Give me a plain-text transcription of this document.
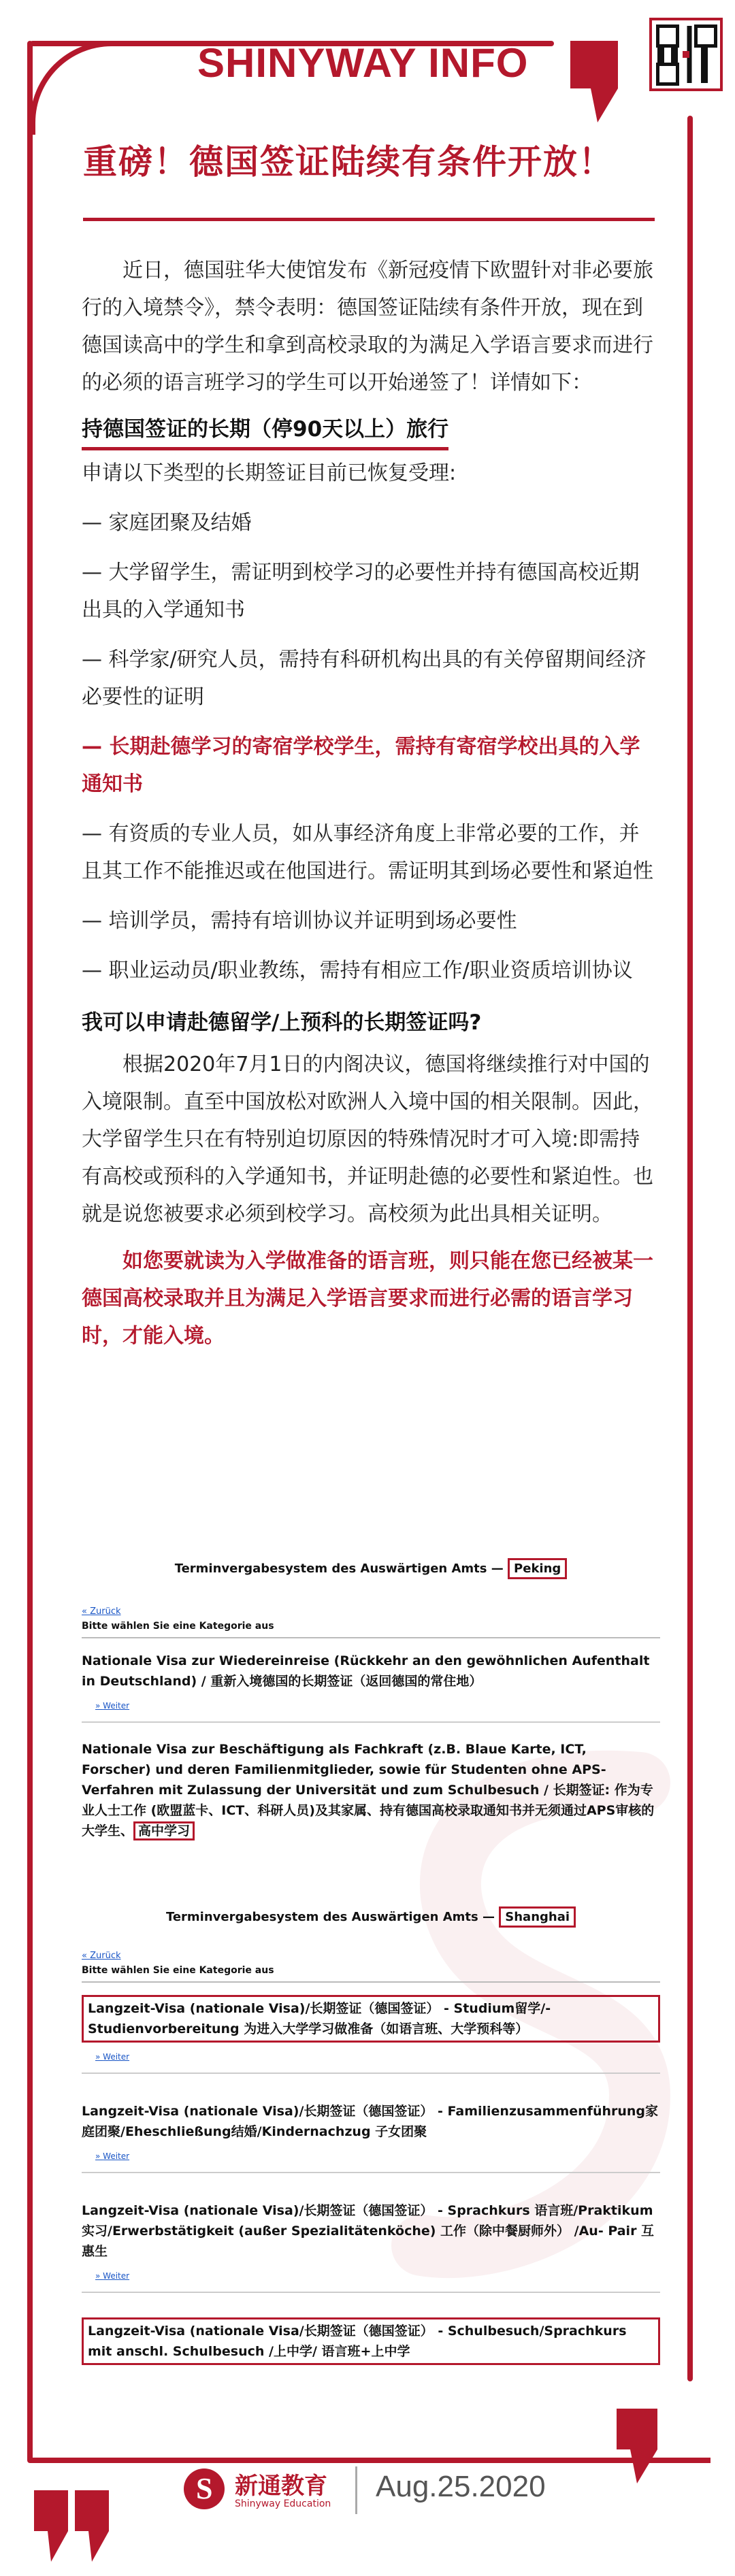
SHINYWAY INFO
重磅！德国签证陆续有条件开放！

近日，德国驻华大使馆发布《新冠疫情下欧盟针对非必要旅行的入境禁令》，禁令表明：德国签证陆续有条件开放，现在到德国读高中的学生和拿到高校录取的为满足入学语言要求而进行的必须的语言班学习的学生可以开始递签了！详情如下：

持德国签证的长期（停90天以上）旅行

申请以下类型的长期签证目前已恢复受理:

— 家庭团聚及结婚

— 大学留学生，需证明到校学习的必要性并持有德国高校近期出具的入学通知书

— 科学家/研究人员，需持有科研机构出具的有关停留期间经济必要性的证明

— 长期赴德学习的寄宿学校学生，需持有寄宿学校出具的入学通知书

— 有资质的专业人员，如从事经济角度上非常必要的工作，并且其工作不能推迟或在他国进行。需证明其到场必要性和紧迫性

— 培训学员，需持有培训协议并证明到场必要性

— 职业运动员/职业教练，需持有相应工作/职业资质培训协议

我可以申请赴德留学/上预科的长期签证吗?

根据2020年7月1日的内阁决议，德国将继续推行对中国的入境限制。直至中国放松对欧洲人入境中国的相关限制。因此，大学留学生只在有特别迫切原因的特殊情况时才可入境:即需持有高校或预科的入学通知书，并证明赴德的必要性和紧迫性。也就是说您被要求必须到校学习。高校须为此出具相关证明。

如您要就读为入学做准备的语言班，则只能在您已经被某一德国高校录取并且为满足入学语言要求而进行必需的语言学习时，才能入境。

Terminvergabesystem des Auswärtigen Amts — Peking
« Zurück
Bitte wählen Sie eine Kategorie aus
Nationale Visa zur Wiedereinreise (Rückkehr an den gewöhnlichen Aufenthalt in Deutschland) / 重新入境德国的长期签证（返回德国的常住地）
» Weiter
Nationale Visa zur Beschäftigung als Fachkraft (z.B. Blaue Karte, ICT, Forscher) und deren Familienmitglieder, sowie für Studenten ohne APS-Verfahren mit Zulassung der Universität und zum Schulbesuch / 长期签证: 作为专业人士工作 (欧盟蓝卡、ICT、科研人员)及其家属、持有德国高校录取通知书并无须通过APS审核的大学生、 高中学习
Terminvergabesystem des Auswärtigen Amts — Shanghai
« Zurück
Bitte wählen Sie eine Kategorie aus
Langzeit-Visa (nationale Visa)/长期签证（德国签证） - Studium留学/-Studienvorbereitung 为进入大学学习做准备（如语言班、大学预科等）
» Weiter
Langzeit-Visa (nationale Visa)/长期签证（德国签证） - Familienzusammenführung家庭团聚/Eheschließung结婚/Kindernachzug 子女团聚
» Weiter
Langzeit-Visa (nationale Visa)/长期签证（德国签证） - Sprachkurs 语言班/Praktikum 实习/Erwerbstätigkeit (außer Spezialitätenköche) 工作（除中餐厨师外） /Au- Pair 互惠生
» Weiter
Langzeit-Visa (nationale Visa/长期签证（德国签证） - Schulbesuch/Sprachkurs mit anschl. Schulbesuch /上中学/ 语言班+上中学
S 新通教育
Shinyway Education
Aug.25.2020
